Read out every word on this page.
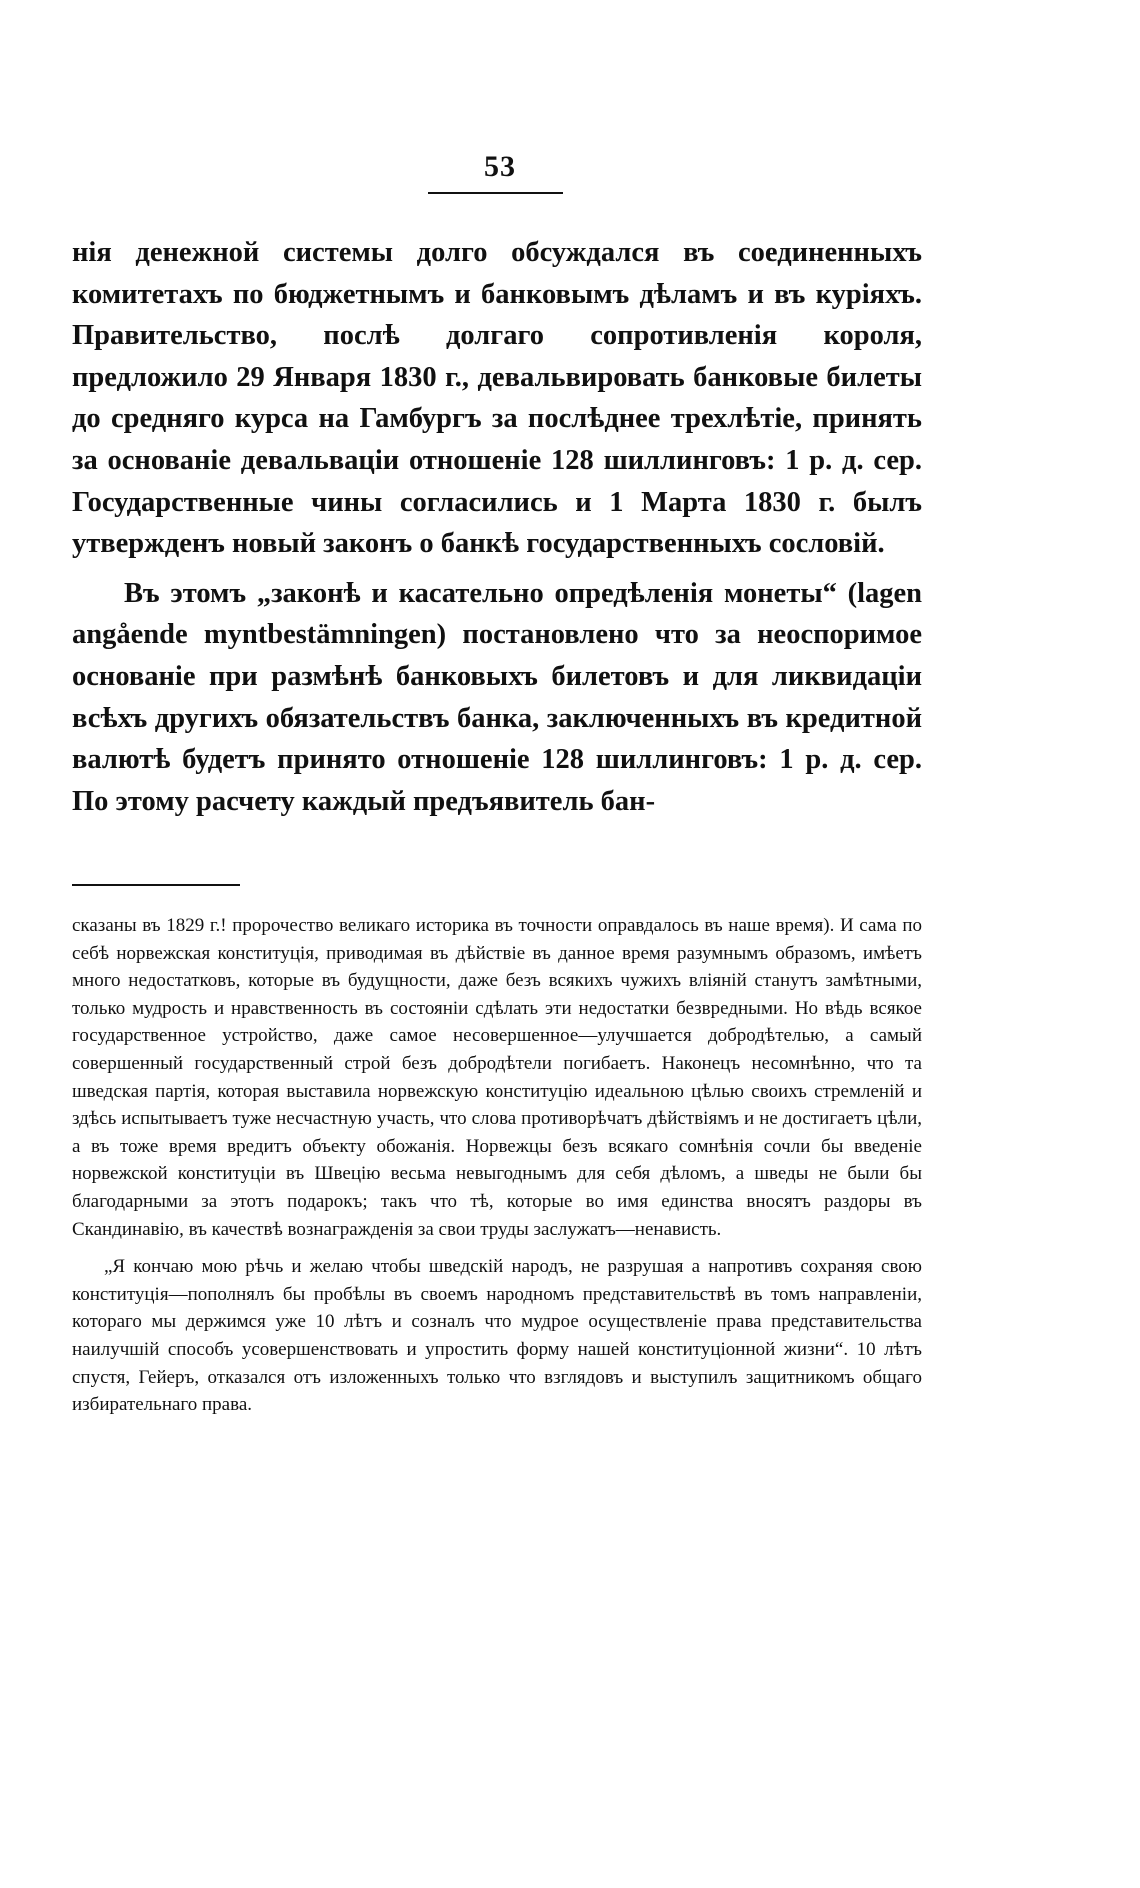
53

нія денежной системы долго обсуждался въ соединенныхъ комитетахъ по бюджетнымъ и банковымъ дѣламъ и въ куріяхъ. Правительство, послѣ долгаго сопротивленія короля, предложило 29 Января 1830 г., девальвировать банковые билеты до средняго курса на Гамбургъ за послѣднее трехлѣтіе, принять за основаніе девальваціи отношеніе 128 шиллинговъ: 1 р. д. сер. Государственные чины согласились и 1 Марта 1830 г. былъ утвержденъ новый законъ о банкѣ государственныхъ сословій.

Въ этомъ „законѣ и касательно опредѣленія монеты“ (lagen angående myntbestämningen) постановлено что за неоспоримое основаніе при размѣнѣ банковыхъ билетовъ и для ликвидаціи всѣхъ другихъ обязательствъ банка, заключенныхъ въ кредитной валютѣ будетъ принято отношеніе 128 шиллинговъ: 1 р. д. сер. По этому расчету каждый предъявитель бан-

сказаны въ 1829 г.! пророчество великаго историка въ точности оправдалось въ наше время). И сама по себѣ норвежская конституція, приводимая въ дѣйствіе въ данное время разумнымъ образомъ, имѣетъ много недостатковъ, которые въ будущности, даже безъ всякихъ чужихъ вліяній станутъ замѣтными, только мудрость и нравственность въ состояніи сдѣлать эти недостатки безвредными. Но вѣдь всякое государственное устройство, даже самое несовершенное—улучшается добродѣтелью, а самый совершенный государственный строй безъ добродѣтели погибаетъ. Наконецъ несомнѣнно, что та шведская партія, которая выставила норвежскую конституцію идеальною цѣлью своихъ стремленій и здѣсь испытываетъ туже несчастную участь, что слова противорѣчатъ дѣйствіямъ и не достигаетъ цѣли, а въ тоже время вредитъ объекту обожанія. Норвежцы безъ всякаго сомнѣнія сочли бы введеніе норвежской конституціи въ Швецію весьма невыгоднымъ для себя дѣломъ, а шведы не были бы благодарными за этотъ подарокъ; такъ что тѣ, которые во имя единства вносятъ раздоры въ Скандинавію, въ качествѣ вознагражденія за свои труды заслужатъ—ненависть.

„Я кончаю мою рѣчь и желаю чтобы шведскій народъ, не разрушая а напротивъ сохраняя свою конституція—пополнялъ бы пробѣлы въ своемъ народномъ представительствѣ въ томъ направленіи, котораго мы держимся уже 10 лѣтъ и созналъ что мудрое осуществленіе права представительства наилучшій способъ усовершенствовать и упростить форму нашей конституціонной жизни“. 10 лѣтъ спустя, Гейеръ, отказался отъ изложенныхъ только что взглядовъ и выступилъ защитникомъ общаго избирательнаго права.
